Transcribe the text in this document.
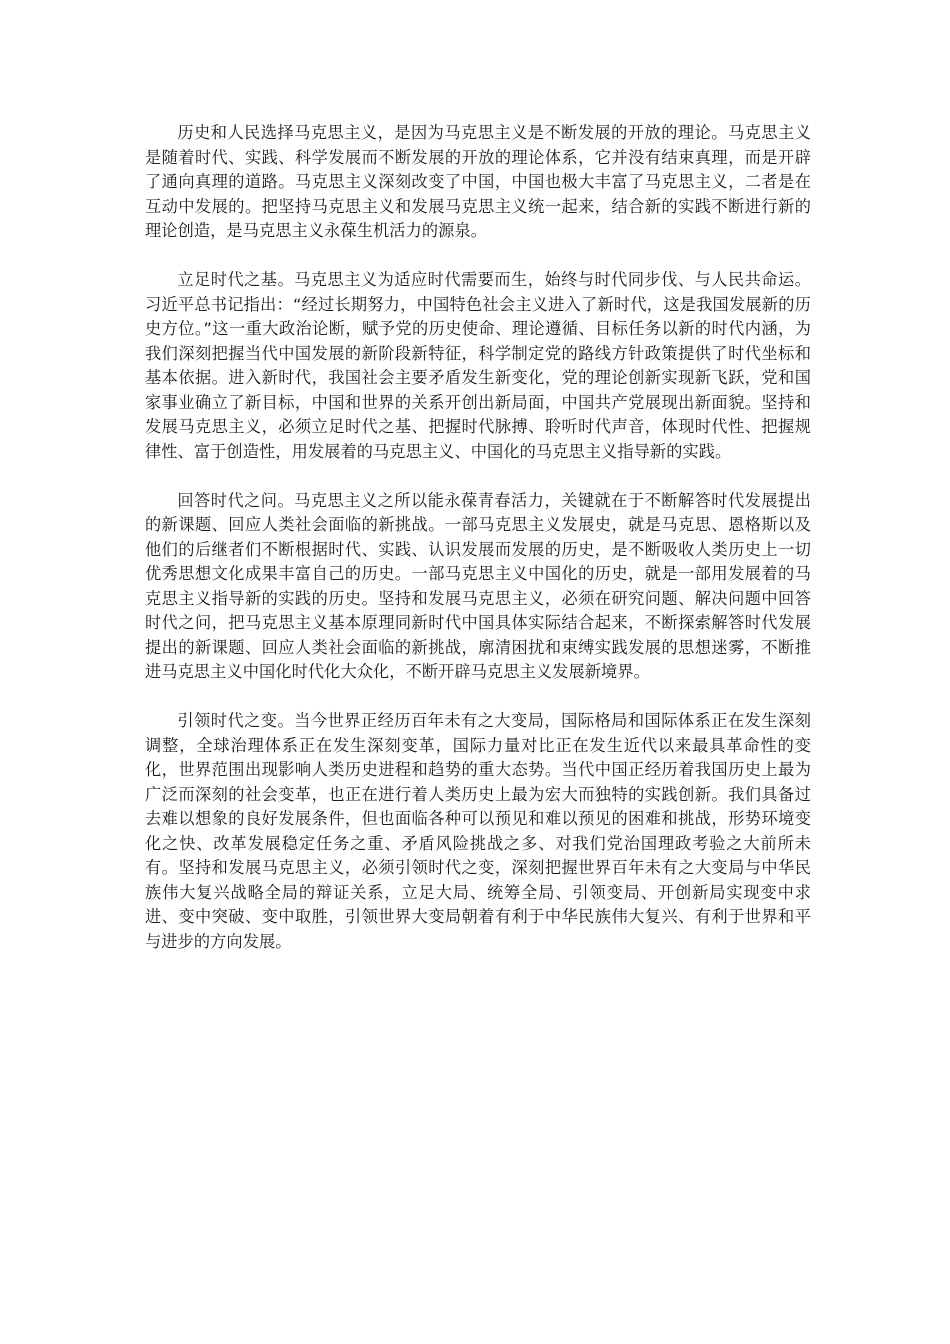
历史和人民选择马克思主义，是因为马克思主义是不断发展的开放的理论。马克思主义是随着时代、实践、科学发展而不断发展的开放的理论体系，它并没有结束真理，而是开辟了通向真理的道路。马克思主义深刻改变了中国，中国也极大丰富了马克思主义，二者是在互动中发展的。把坚持马克思主义和发展马克思主义统一起来，结合新的实践不断进行新的理论创造，是马克思主义永葆生机活力的源泉。

立足时代之基。马克思主义为适应时代需要而生，始终与时代同步伐、与人民共命运。习近平总书记指出：“经过长期努力，中国特色社会主义进入了新时代，这是我国发展新的历史方位。”这一重大政治论断，赋予党的历史使命、理论遵循、目标任务以新的时代内涵，为我们深刻把握当代中国发展的新阶段新特征，科学制定党的路线方针政策提供了时代坐标和基本依据。进入新时代，我国社会主要矛盾发生新变化，党的理论创新实现新飞跃，党和国家事业确立了新目标，中国和世界的关系开创出新局面，中国共产党展现出新面貌。坚持和发展马克思主义，必须立足时代之基、把握时代脉搏、聆听时代声音，体现时代性、把握规律性、富于创造性，用发展着的马克思主义、中国化的马克思主义指导新的实践。

回答时代之问。马克思主义之所以能永葆青春活力，关键就在于不断解答时代发展提出的新课题、回应人类社会面临的新挑战。一部马克思主义发展史，就是马克思、恩格斯以及他们的后继者们不断根据时代、实践、认识发展而发展的历史，是不断吸收人类历史上一切优秀思想文化成果丰富自己的历史。一部马克思主义中国化的历史，就是一部用发展着的马克思主义指导新的实践的历史。坚持和发展马克思主义，必须在研究问题、解决问题中回答时代之问，把马克思主义基本原理同新时代中国具体实际结合起来，不断探索解答时代发展提出的新课题、回应人类社会面临的新挑战，廓清困扰和束缚实践发展的思想迷雾，不断推进马克思主义中国化时代化大众化，不断开辟马克思主义发展新境界。

引领时代之变。当今世界正经历百年未有之大变局，国际格局和国际体系正在发生深刻调整，全球治理体系正在发生深刻变革，国际力量对比正在发生近代以来最具革命性的变化，世界范围出现影响人类历史进程和趋势的重大态势。当代中国正经历着我国历史上最为广泛而深刻的社会变革，也正在进行着人类历史上最为宏大而独特的实践创新。我们具备过去难以想象的良好发展条件，但也面临各种可以预见和难以预见的困难和挑战，形势环境变化之快、改革发展稳定任务之重、矛盾风险挑战之多、对我们党治国理政考验之大前所未有。坚持和发展马克思主义，必须引领时代之变，深刻把握世界百年未有之大变局与中华民族伟大复兴战略全局的辩证关系，立足大局、统筹全局、引领变局、开创新局实现变中求进、变中突破、变中取胜，引领世界大变局朝着有利于中华民族伟大复兴、有利于世界和平与进步的方向发展。
